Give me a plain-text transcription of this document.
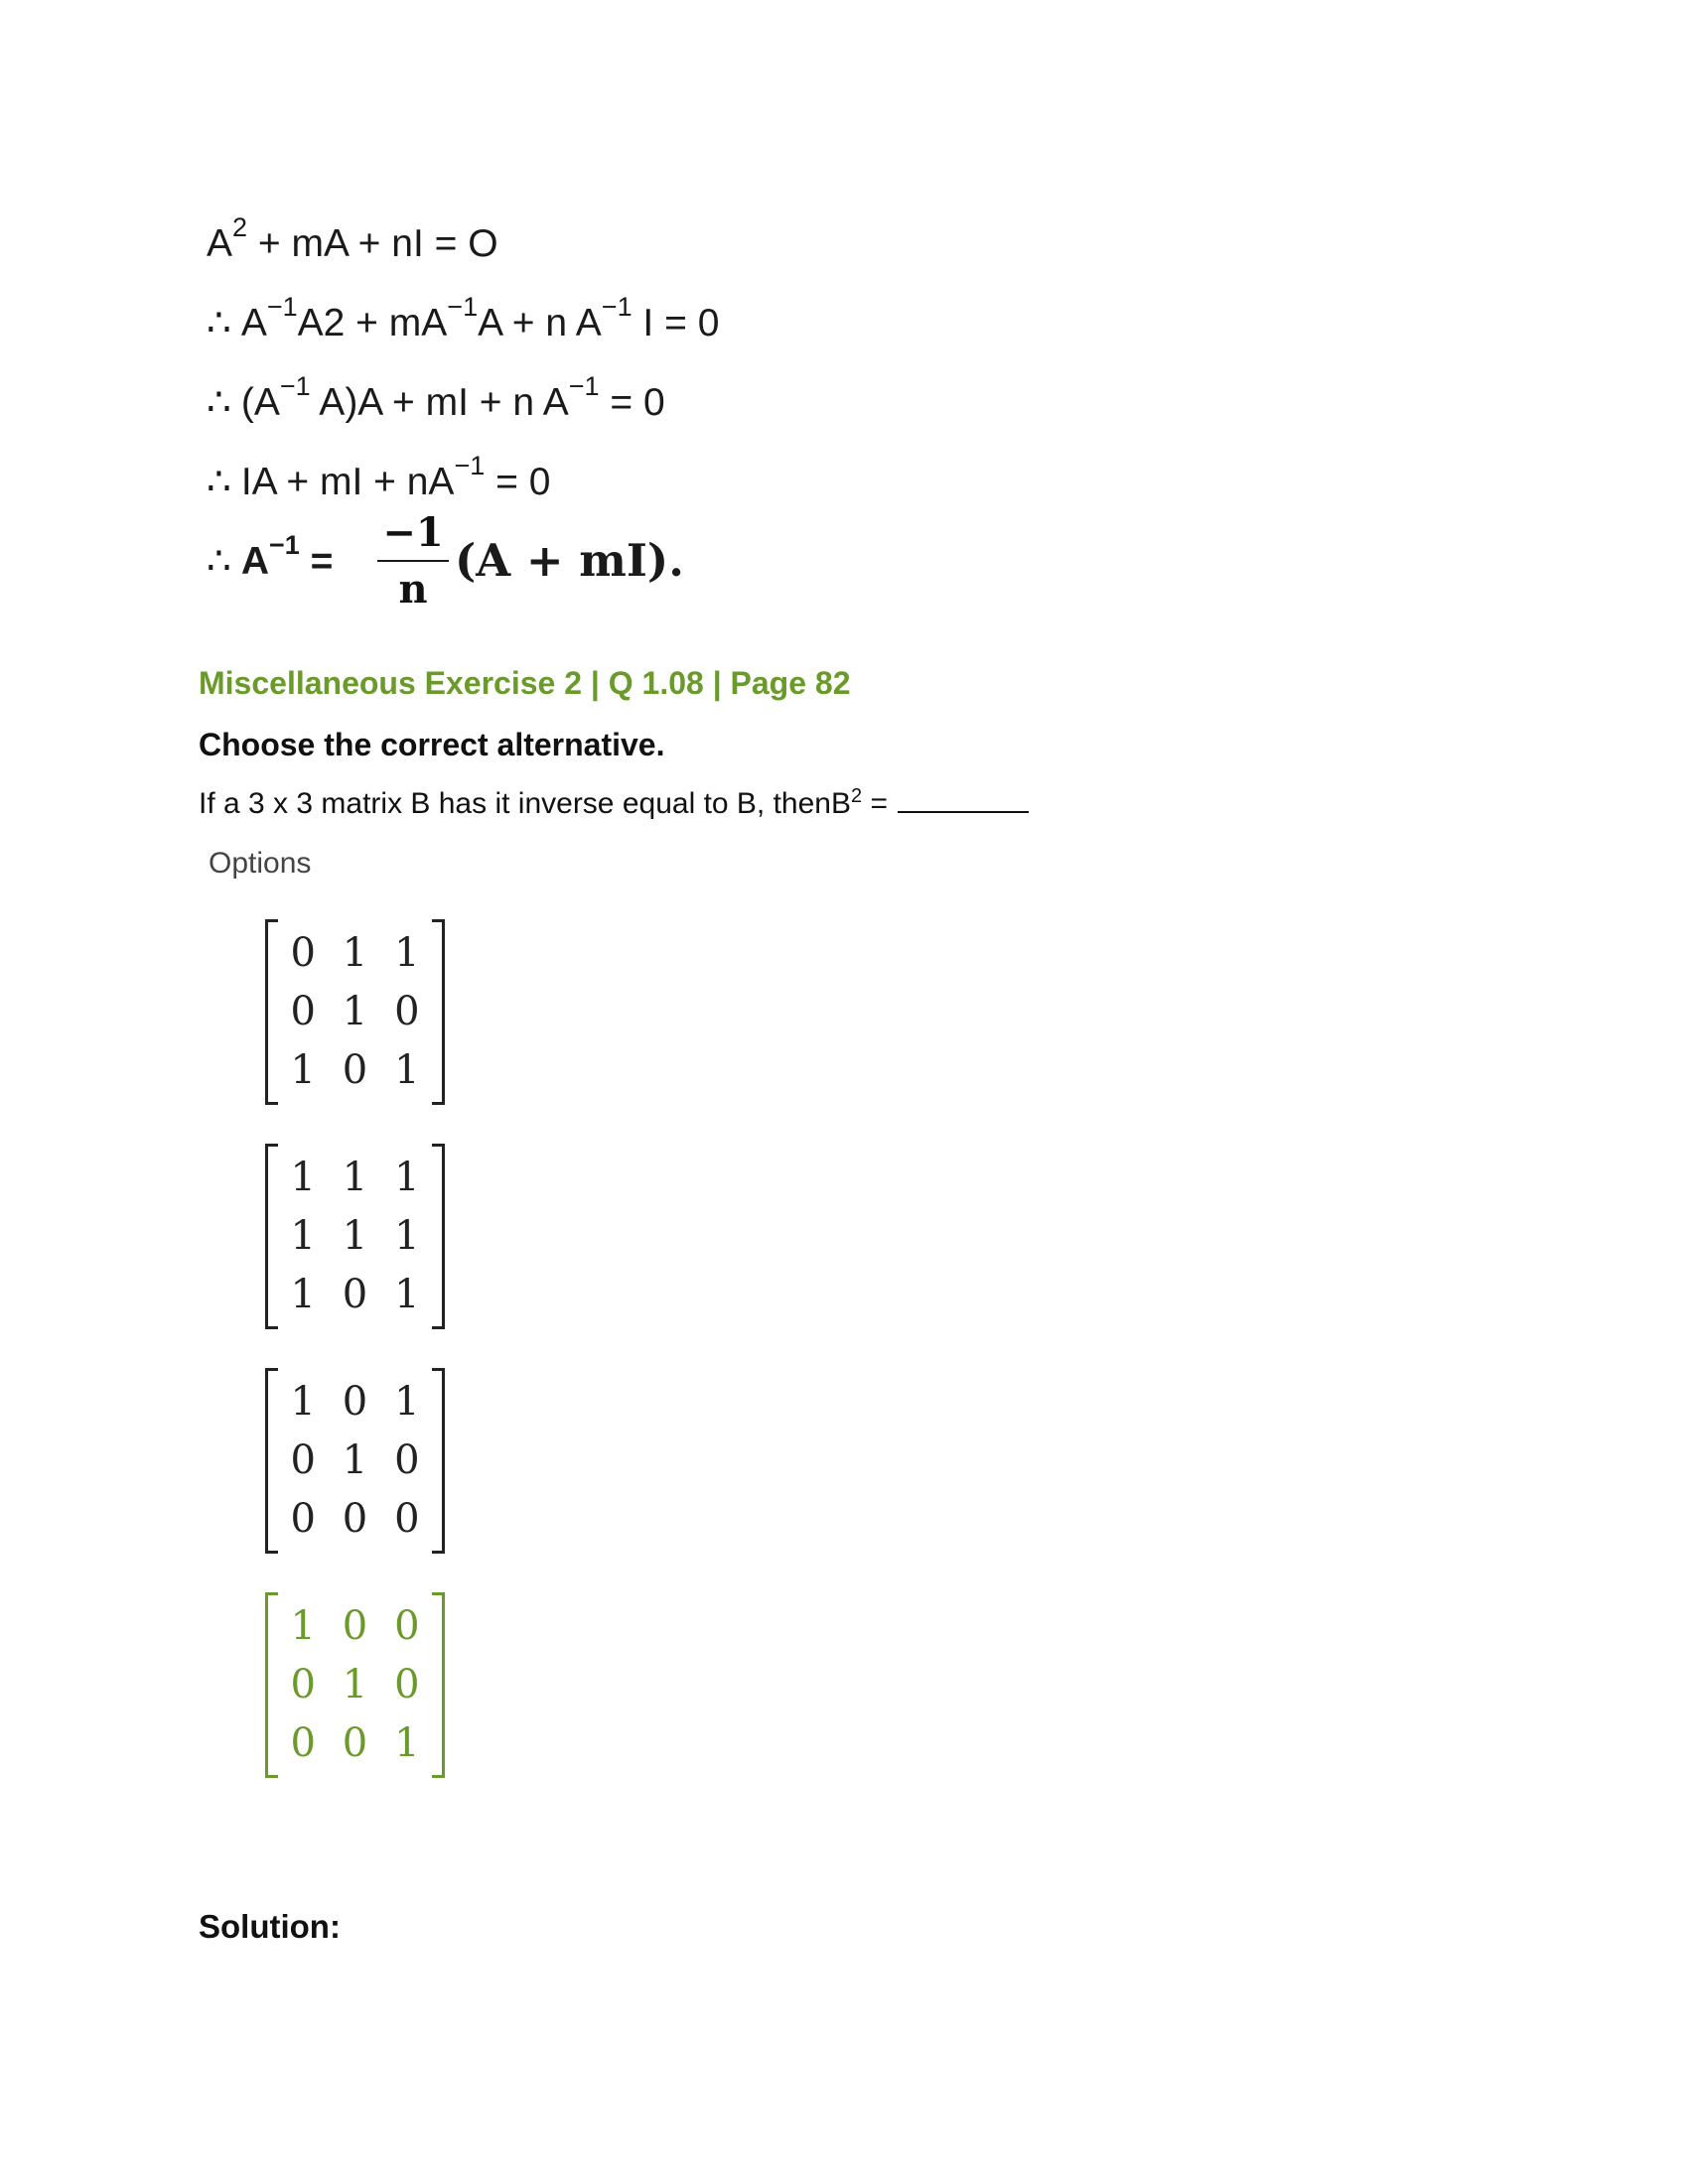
$A^2$ + mA + nI = O
∴ $A^{-1}A2 + mA^{-1}A + n$ $A^{-1}$ I = 0
∴ ($A^{-1}$ A)A + mI + n $A^{-1} = 0$
∴ IA + mI + $nA^{-1} = 0$
∴ $A^{-1}$ =
−1
n
(A + mI).
Miscellaneous Exercise 2 | Q 1.08 | Page 82
Choose the correct alternative.
If a 3 x 3 matrix B has it inverse equal to B, thenB$^2$ =
Options
0 1 1
0 1 0
1 0 1
1 1 1
1 1 1
1 0 1
1 0 1
0 1 0
0 0 0
1 0 0
0 1 0
0 0 1
Solution:
